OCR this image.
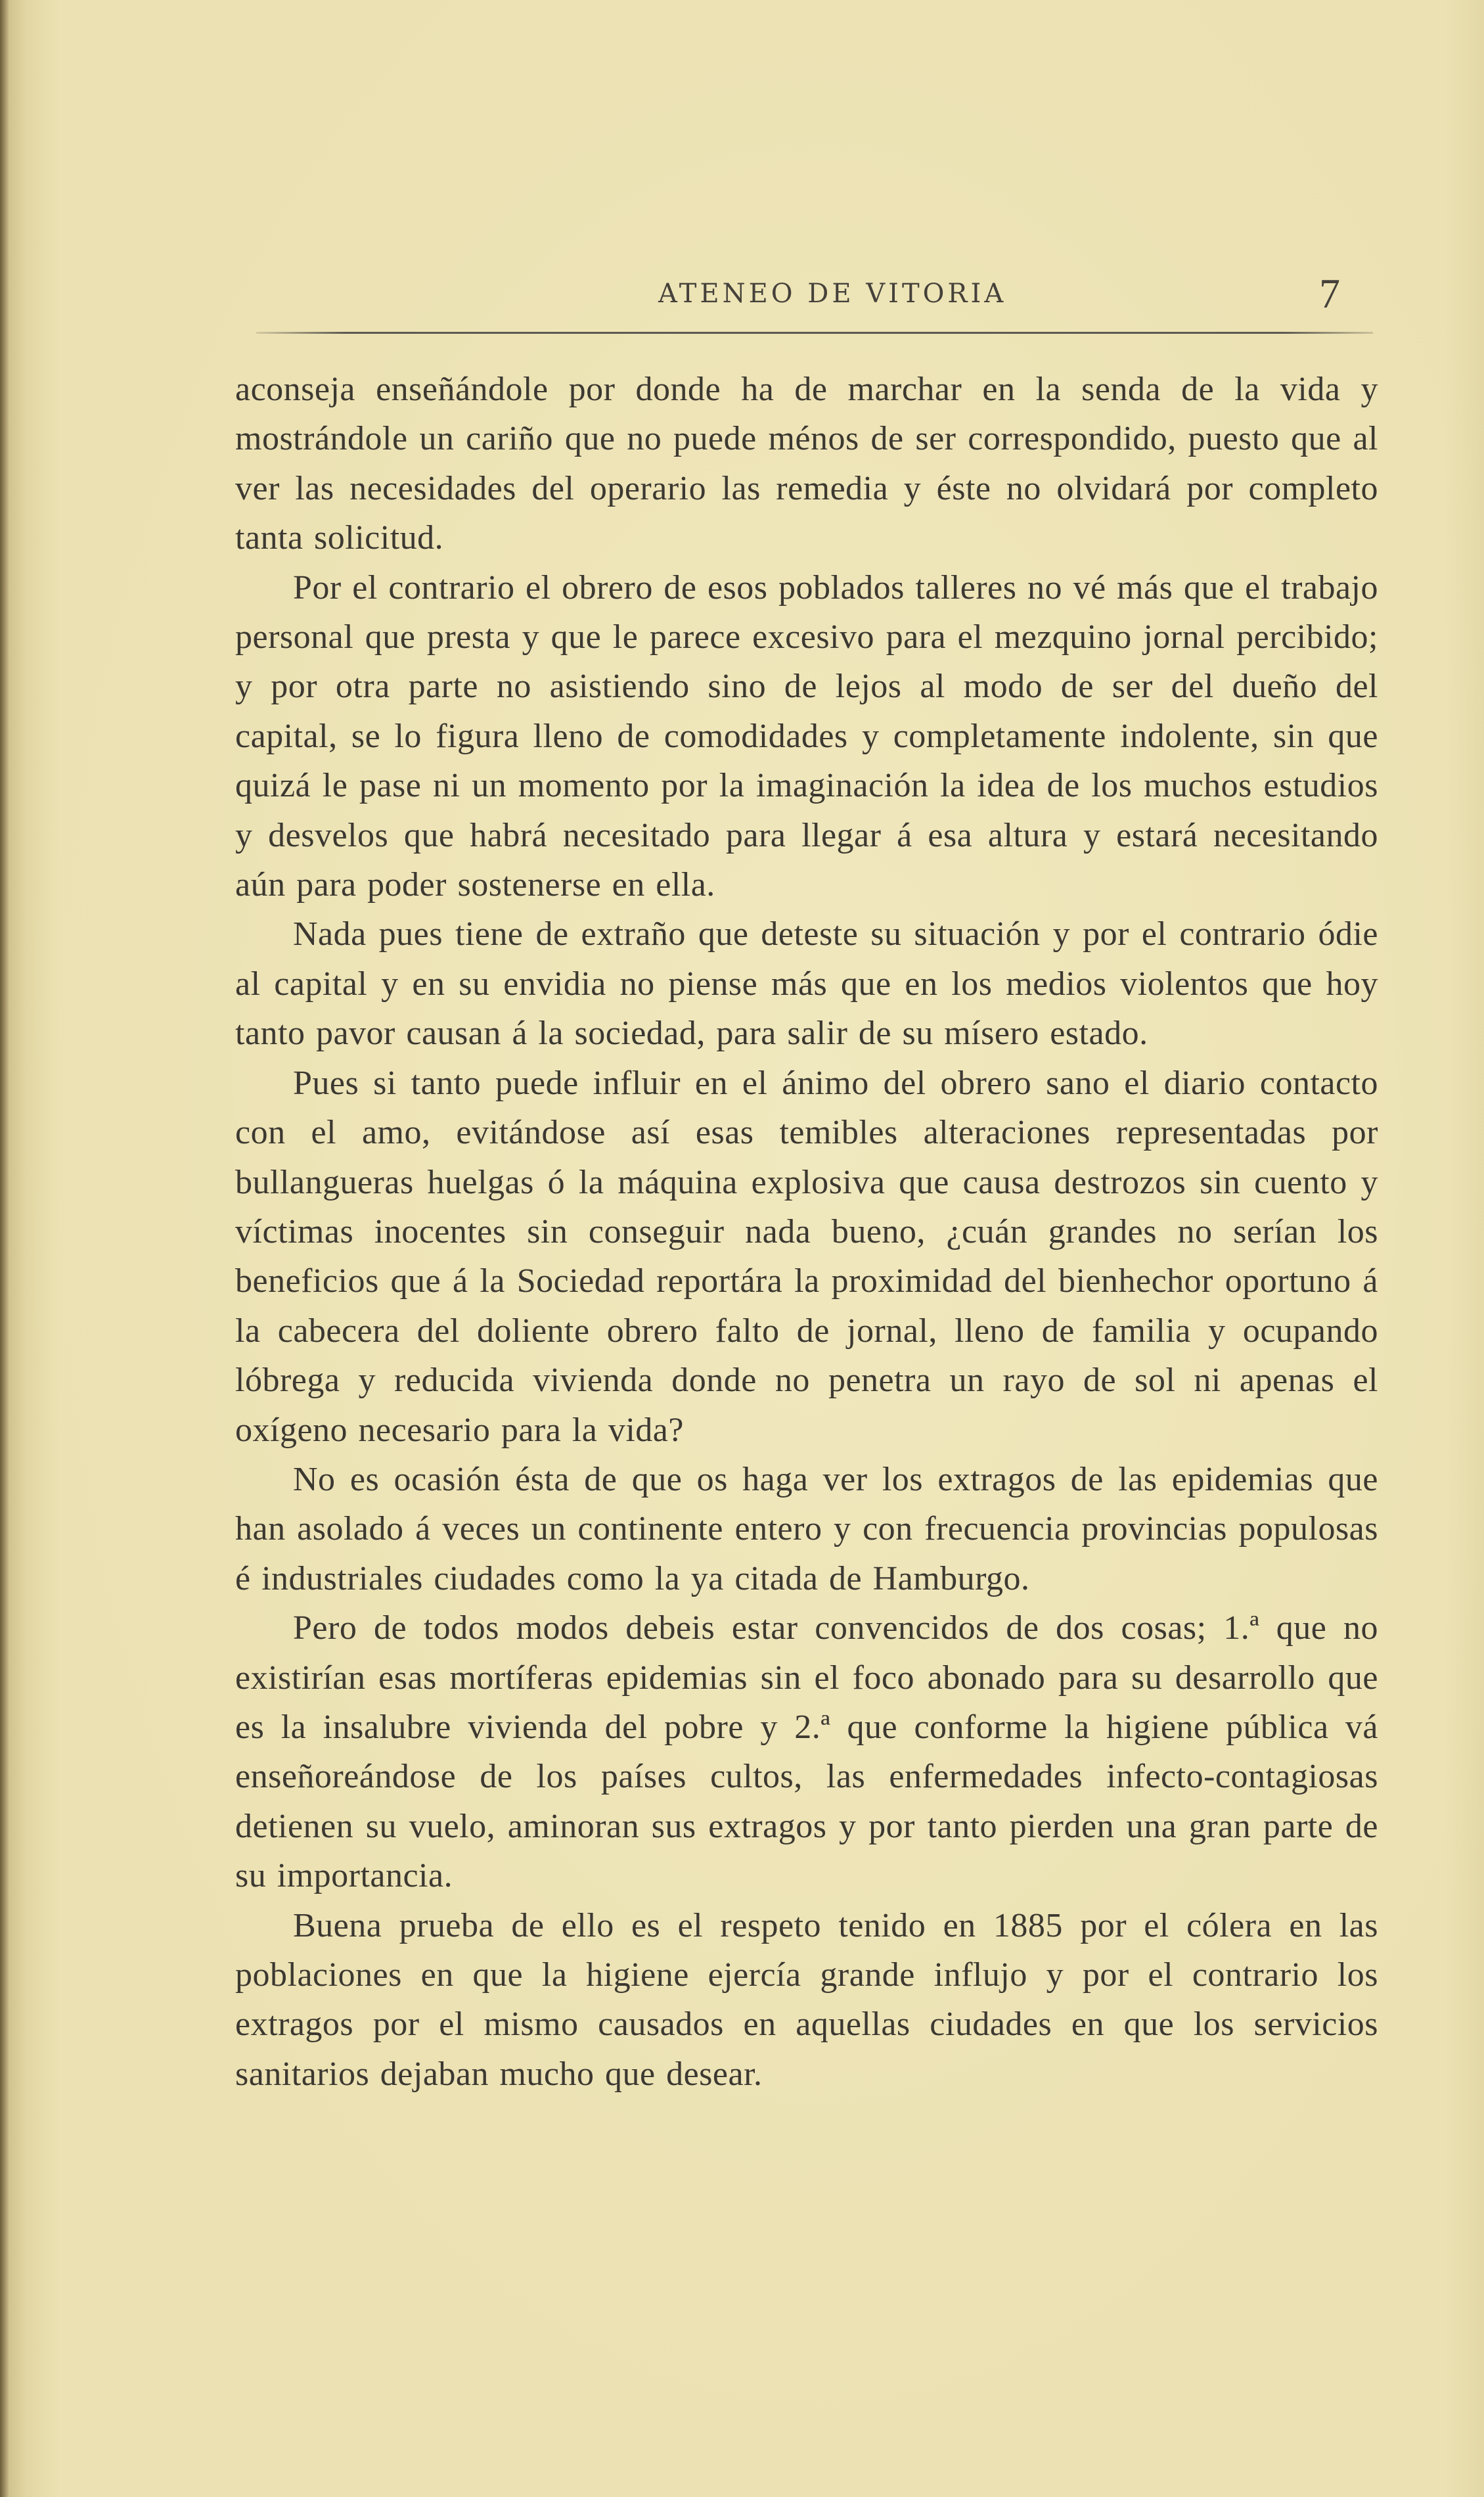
ATENEO DE VITORIA	7

aconseja enseñándole por donde ha de marchar en la senda de la vida y mostrándole un cariño que no puede ménos de ser correspondido, puesto que al ver las necesidades del operario las remedia y éste no olvidará por completo tanta solicitud.

Por el contrario el obrero de esos poblados talleres no vé más que el trabajo personal que presta y que le parece excesivo para el mezquino jornal percibido; y por otra parte no asistiendo sino de lejos al modo de ser del dueño del capital, se lo figura lleno de comodidades y completamente indolente, sin que quizá le pase ni un momento por la imaginación la idea de los muchos estudios y desvelos que habrá necesitado para llegar á esa altura y estará necesitando aún para poder sostenerse en ella.

Nada pues tiene de extraño que deteste su situación y por el contrario ódie al capital y en su envidia no piense más que en los medios violentos que hoy tanto pavor causan á la sociedad, para salir de su mísero estado.

Pues si tanto puede influir en el ánimo del obrero sano el diario contacto con el amo, evitándose así esas temibles alteraciones representadas por bullangueras huelgas ó la máquina explosiva que causa destrozos sin cuento y víctimas inocentes sin conseguir nada bueno, ¿cuán grandes no serían los beneficios que á la Sociedad reportára la proximidad del bienhechor oportuno á la cabecera del doliente obrero falto de jornal, lleno de familia y ocupando lóbrega y reducida vivienda donde no penetra un rayo de sol ni apenas el oxígeno necesario para la vida?

No es ocasión ésta de que os haga ver los extragos de las epidemias que han asolado á veces un continente entero y con frecuencia provincias populosas é industriales ciudades como la ya citada de Hamburgo.

Pero de todos modos debeis estar convencidos de dos cosas; 1.ª que no existirían esas mortíferas epidemias sin el foco abonado para su desarrollo que es la insalubre vivienda del pobre y 2.ª que conforme la higiene pública vá enseñoreándose de los países cultos, las enfermedades infecto-contagiosas detienen su vuelo, aminoran sus extragos y por tanto pierden una gran parte de su importancia.

Buena prueba de ello es el respeto tenido en 1885 por el cólera en las poblaciones en que la higiene ejercía grande influjo y por el contrario los extragos por el mismo causados en aquellas ciudades en que los servicios sanitarios dejaban mucho que desear.
